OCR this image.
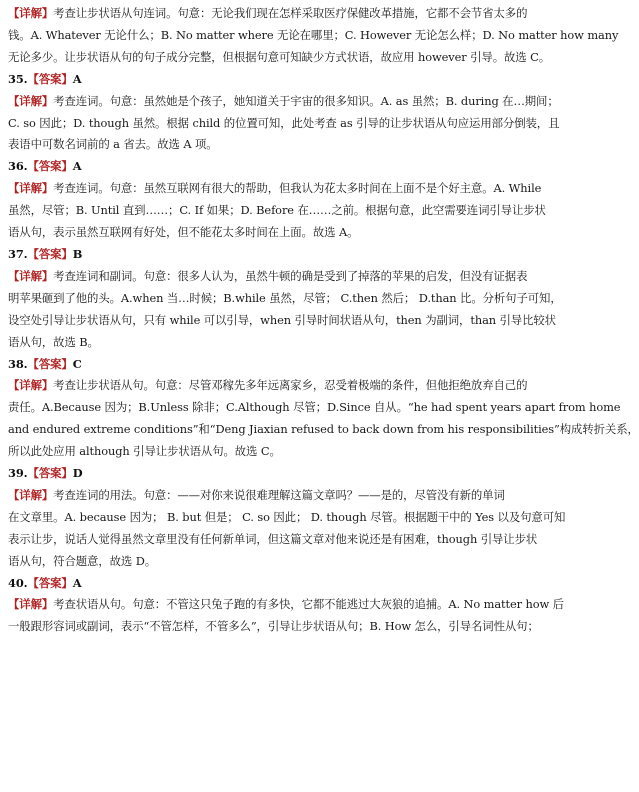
【详解】考查让步状语从句连词。句意：无论我们现在怎样采取医疗保健改革措施，它都不会节省太多的
钱。A. Whatever 无论什么；B. No matter where 无论在哪里；C. However 无论怎么样；D. No matter how many
无论多少。让步状语从句的句子成分完整，但根据句意可知缺少方式状语，故应用 however 引导。故选 C。
35.【答案】A
【详解】考查连词。句意：虽然她是个孩子，她知道关于宇宙的很多知识。A. as 虽然；B. during 在…期间；
C. so 因此；D. though 虽然。根据 child 的位置可知，此处考查 as 引导的让步状语从句应运用部分倒装，且
表语中可数名词前的 a 省去。故选 A 项。
36.【答案】A
【详解】考查连词。句意：虽然互联网有很大的帮助，但我认为花太多时间在上面不是个好主意。A. While
虽然，尽管；B. Until 直到……；C. If 如果；D. Before 在……之前。根据句意，此空需要连词引导让步状
语从句，表示虽然互联网有好处，但不能花太多时间在上面。故选 A。
37.【答案】B
【详解】考查连词和副词。句意：很多人认为，虽然牛顿的确是受到了掉落的苹果的启发，但没有证据表
明苹果砸到了他的头。A.when 当…时候；B.while 虽然，尽管； C.then 然后； D.than 比。分析句子可知，
设空处引导让步状语从句，只有 while 可以引导，when 引导时间状语从句，then 为副词，than 引导比较状
语从句，故选 B。
38.【答案】C
【详解】考查让步状语从句。句意：尽管邓稼先多年远离家乡，忍受着极端的条件，但他拒绝放弃自己的
责任。A.Because 因为；B.Unless 除非；C.Although 尽管；D.Since 自从。“he had spent years apart from home
and endured extreme conditions”和“Deng Jiaxian refused to back down from his responsibilities”构成转折关系，
所以此处应用 although 引导让步状语从句。故选 C。
39.【答案】D
【详解】考查连词的用法。句意：——对你来说很难理解这篇文章吗？——是的，尽管没有新的单词
在文章里。A. because 因为； B. but 但是； C. so 因此； D. though 尽管。根据题干中的 Yes 以及句意可知
表示让步，说话人觉得虽然文章里没有任何新单词，但这篇文章对他来说还是有困难，though 引导让步状
语从句，符合题意，故选 D。
40.【答案】A
【详解】考查状语从句。句意：不管这只兔子跑的有多快，它都不能逃过大灰狼的追捕。A. No matter how 后
一般跟形容词或副词，表示“不管怎样，不管多么”，引导让步状语从句；B. How 怎么，引导名词性从句；
